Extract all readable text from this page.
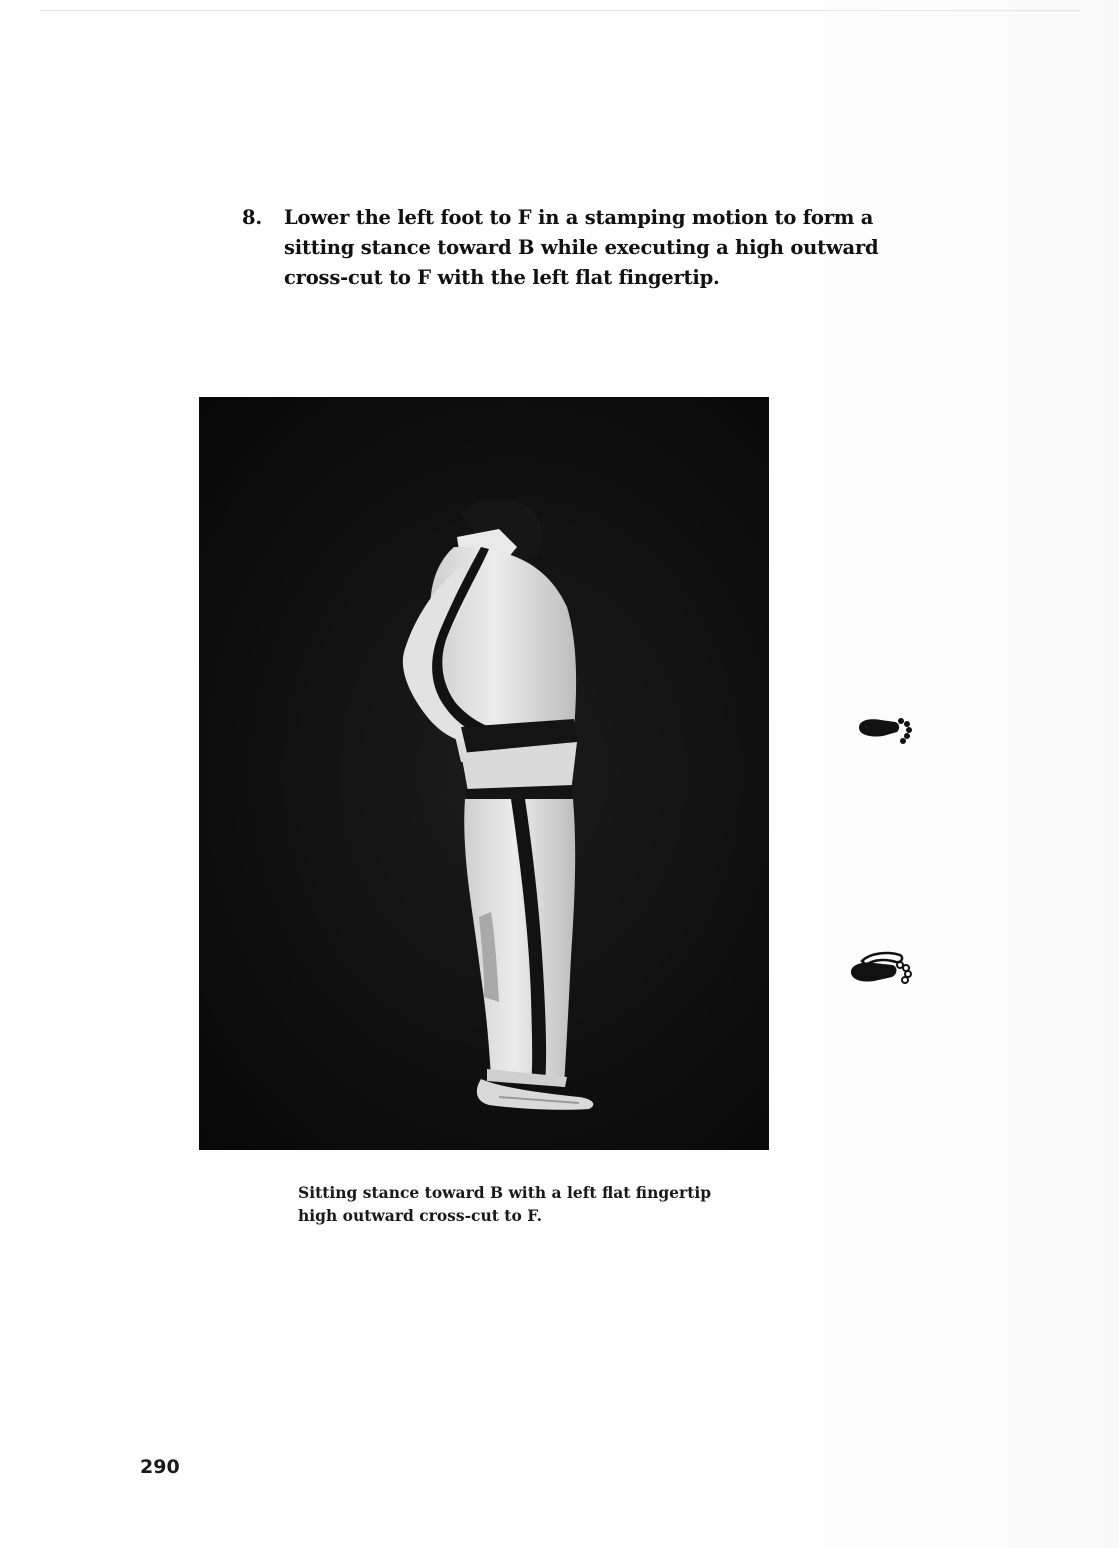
8.	Lower the left foot to F in a stamping motion to form a sitting stance toward B while executing a high outward cross-cut to F with the left flat fingertip.
Sitting stance toward B with a left flat fingertip high outward cross-cut to F.
290
